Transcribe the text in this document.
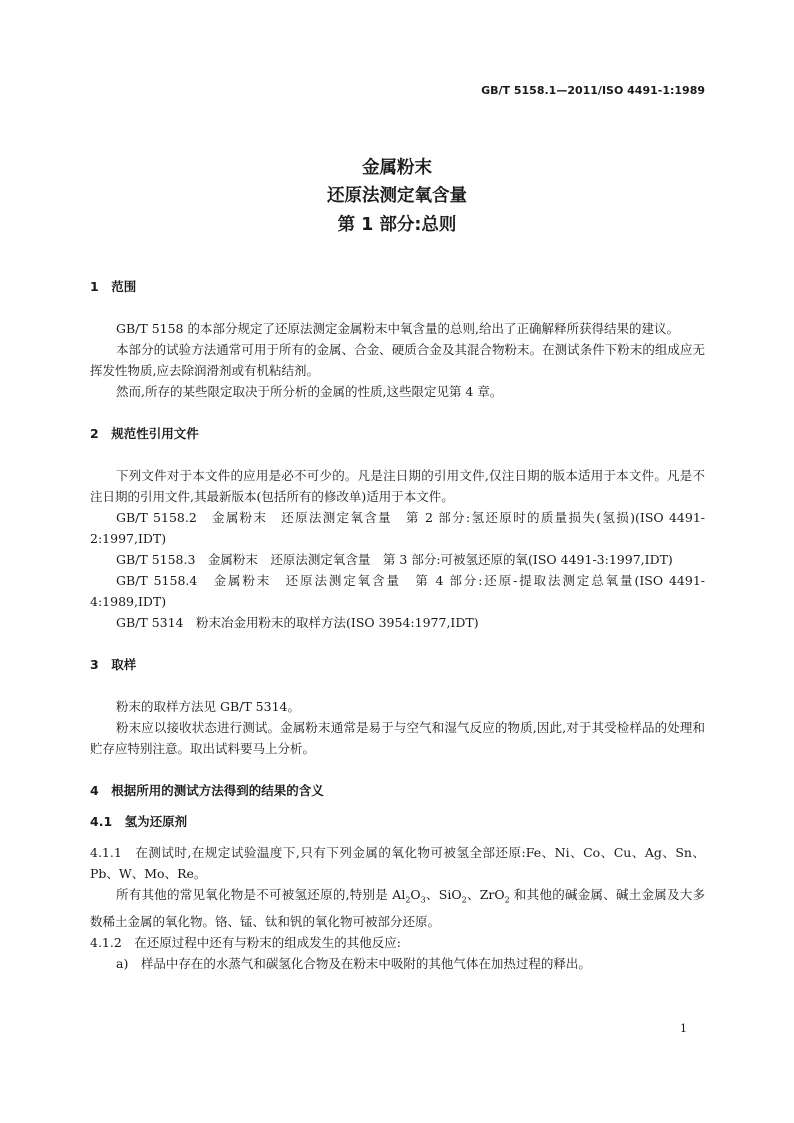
GB/T 5158.1—2011/ISO 4491-1:1989
金属粉末
还原法测定氧含量
第 1 部分:总则

1　范围

GB/T 5158 的本部分规定了还原法测定金属粉末中氧含量的总则,给出了正确解释所获得结果的建议。

本部分的试验方法通常可用于所有的金属、合金、硬质合金及其混合物粉末。在测试条件下粉末的组成应无挥发性物质,应去除润滑剂或有机粘结剂。

然而,所存的某些限定取决于所分析的金属的性质,这些限定见第 4 章。

2　规范性引用文件

下列文件对于本文件的应用是必不可少的。凡是注日期的引用文件,仅注日期的版本适用于本文件。凡是不注日期的引用文件,其最新版本(包括所有的修改单)适用于本文件。

GB/T 5158.2　金属粉末　还原法测定氧含量　第 2 部分:氢还原时的质量损失(氢损)(ISO 4491-2:1997,IDT)

GB/T 5158.3　金属粉末　还原法测定氧含量　第 3 部分:可被氢还原的氧(ISO 4491-3:1997,IDT)

GB/T 5158.4　金属粉末　还原法测定氧含量　第 4 部分:还原-提取法测定总氧量(ISO 4491-4:1989,IDT)

GB/T 5314　粉末冶金用粉末的取样方法(ISO 3954:1977,IDT)

3　取样

粉末的取样方法见 GB/T 5314。

粉末应以接收状态进行测试。金属粉末通常是易于与空气和湿气反应的物质,因此,对于其受检样品的处理和贮存应特别注意。取出试料要马上分析。

4　根据所用的测试方法得到的结果的含义

4.1　氢为还原剂

4.1.1　在测试时,在规定试验温度下,只有下列金属的氧化物可被氢全部还原:Fe、Ni、Co、Cu、Ag、Sn、Pb、W、Mo、Re。

所有其他的常见氧化物是不可被氢还原的,特别是 $Al_2O_3$、SiO$_2$、ZrO$_2$ 和其他的碱金属、碱土金属及大多数稀土金属的氧化物。铬、锰、钛和钒的氧化物可被部分还原。

4.1.2　在还原过程中还有与粉末的组成发生的其他反应:

a)　样品中存在的水蒸气和碳氢化合物及在粉末中吸附的其他气体在加热过程的释出。

1
